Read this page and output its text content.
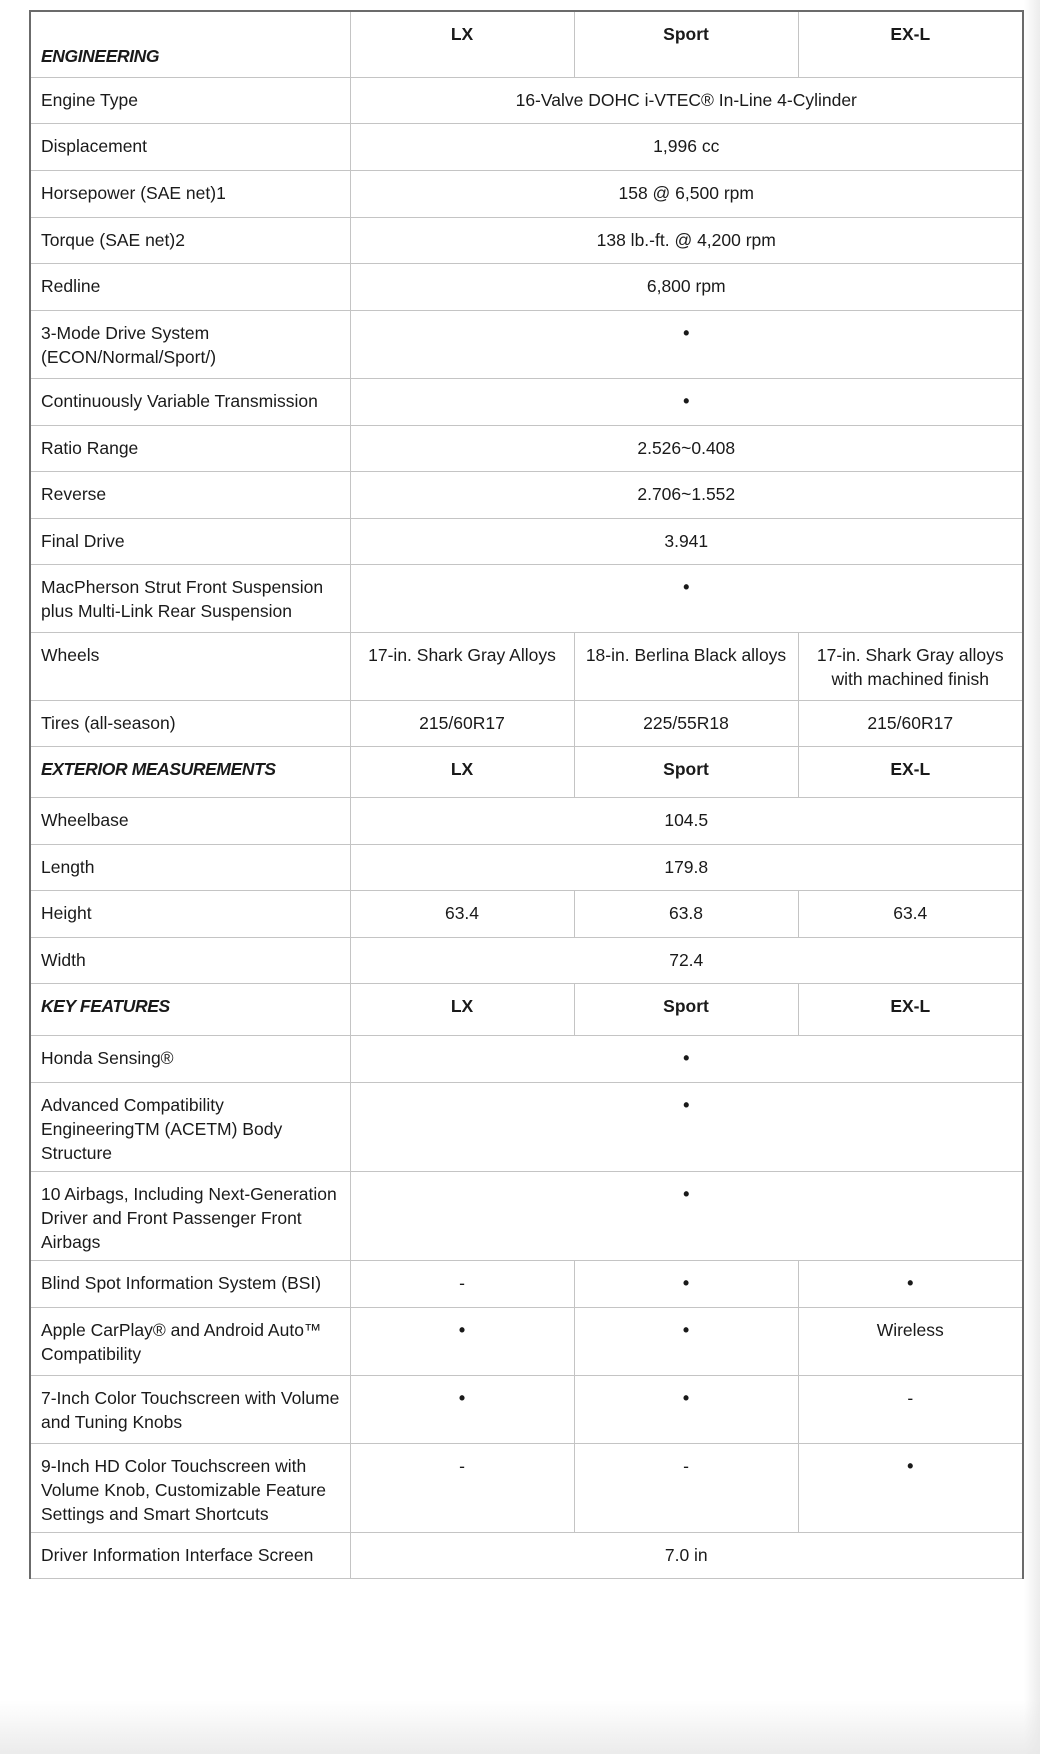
ENGINEERING	LX	Sport	EX-L
Engine Type	16-Valve DOHC i-VTEC® In-Line 4-Cylinder		
Displacement	1,996 cc		
Horsepower (SAE net)1	158 @ 6,500 rpm		
Torque (SAE net)2	138 lb.-ft. @ 4,200 rpm		
Redline	6,800 rpm		
3-Mode Drive System (ECON/Normal/Sport/)	•		
Continuously Variable Transmission	•		
Ratio Range	2.526~0.408		
Reverse	2.706~1.552		
Final Drive	3.941		
MacPherson Strut Front Suspension plus Multi-Link Rear Suspension	•		
Wheels	17-in. Shark Gray Alloys	18-in. Berlina Black alloys	17-in. Shark Gray alloys with machined finish
Tires (all-season)	215/60R17	225/55R18	215/60R17
EXTERIOR MEASUREMENTS	LX	Sport	EX-L
Wheelbase	104.5		
Length	179.8		
Height	63.4	63.8	63.4
Width	72.4		
KEY FEATURES	LX	Sport	EX-L
Honda Sensing®	•		
Advanced Compatibility EngineeringTM (ACETM) Body Structure	•		
10 Airbags, Including Next-Generation Driver and Front Passenger Front Airbags	•		
Blind Spot Information System (BSI)	-	•	•
Apple CarPlay® and Android Auto™ Compatibility	•	•	Wireless
7-Inch Color Touchscreen with Volume and Tuning Knobs	•	•	-
9-Inch HD Color Touchscreen with Volume Knob, Customizable Feature Settings and Smart Shortcuts	-	-	•
Driver Information Interface Screen	7.0 in		
